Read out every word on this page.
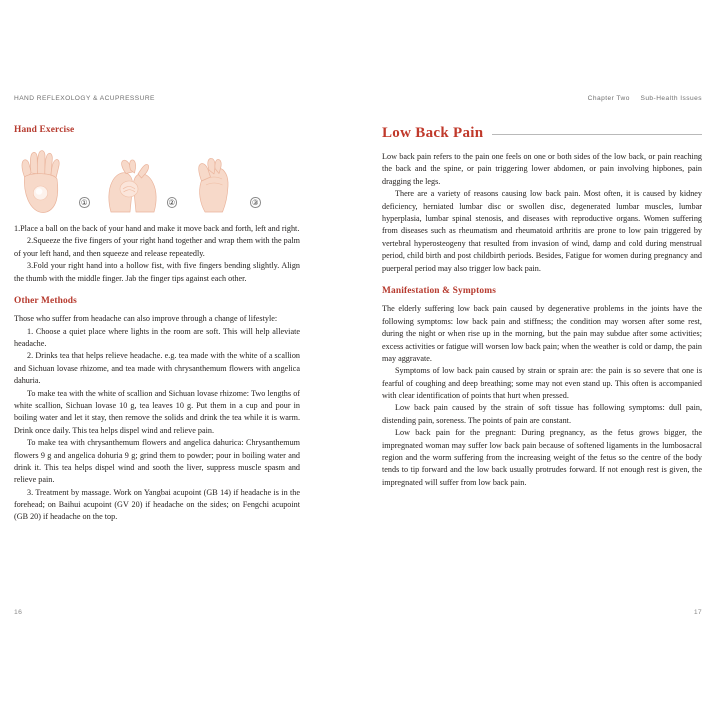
HAND REFLEXOLOGY & ACUPRESSURE
Hand Exercise
①	②	③

1.Place a ball on the back of your hand and make it move back and forth, left and right.

2.Squeeze the five fingers of your right hand together and wrap them with the palm of your left hand, and then squeeze and release repeatedly.

3.Fold your right hand into a hollow fist, with five fingers bending slightly. Align the thumb with the middle finger. Jab the finger tips against each other.

Other Methods

Those who suffer from headache can also improve through a change of lifestyle:

1. Choose a quiet place where lights in the room are soft. This will help alleviate headache.

2. Drinks tea that helps relieve headache. e.g. tea made with the white of a scallion and Sichuan lovase rhizome, and tea made with chrysanthemum flowers with angelica dahuria.

To make tea with the white of scallion and Sichuan lovase rhizome: Two lengths of white scallion, Sichuan lovase 10 g, tea leaves 10 g. Put them in a cup and pour in boiling water and let it stay, then remove the solids and drink the tea while it is warm. Drink once daily. This tea helps dispel wind and relieve pain.

To make tea with chrysanthemum flowers and angelica dahurica: Chrysanthemum flowers 9 g and angelica dohuria 9 g; grind them to powder; pour in boiling water and drink it. This tea helps dispel wind and sooth the liver, suppress muscle spasm and relieve pain.

3. Treatment by massage. Work on Yangbai acupoint (GB 14) if headache is in the forehead; on Baihui acupoint (GV 20) if headache on the sides; on Fengchi acupoint (GB 20) if headache on the top.

16
Chapter Two Sub-Health Issues
Low Back Pain

Low back pain refers to the pain one feels on one or both sides of the low back, or pain reaching the back and the spine, or pain triggering lower abdomen, or pain involving hipbones, pain dragging the legs.

There are a variety of reasons causing low back pain. Most often, it is caused by kidney deficiency, herniated lumbar disc or swollen disc, degenerated lumbar muscles, lumbar hyperplasia, lumbar spinal stenosis, and diseases with reproductive organs. Women suffering from diseases such as rheumatism and rheumatoid arthritis are prone to low pain triggered by vertebral hyperosteogeny that resulted from invasion of wind, damp and cold during menstrual period, child birth and post childbirth periods. Besides, Fatigue for women during pregnancy and puerperal period may also trigger low back pain.

Manifestation & Symptoms

The elderly suffering low back pain caused by degenerative problems in the joints have the following symptoms: low back pain and stiffness; the condition may worsen after some rest, during the night or when rise up in the morning, but the pain may subdue after some activities; excess activities or fatigue will worsen low back pain; when the weather is cold or damp, the pain may aggravate.

Symptoms of low back pain caused by strain or sprain are: the pain is so severe that one is fearful of coughing and deep breathing; some may not even stand up. This often is accompanied with clear identification of points that hurt when pressed.

Low back pain caused by the strain of soft tissue has following symptoms: dull pain, distending pain, soreness. The points of pain are constant.

Low back pain for the pregnant: During pregnancy, as the fetus grows bigger, the impregnated woman may suffer low back pain because of softened ligaments in the lumbosacral region and the worm suffering from the increasing weight of the fetus so the centre of the body tends to tip forward and the low back usually protrudes forward. If not enough rest is given, the impregnated will suffer from low back pain.

17
